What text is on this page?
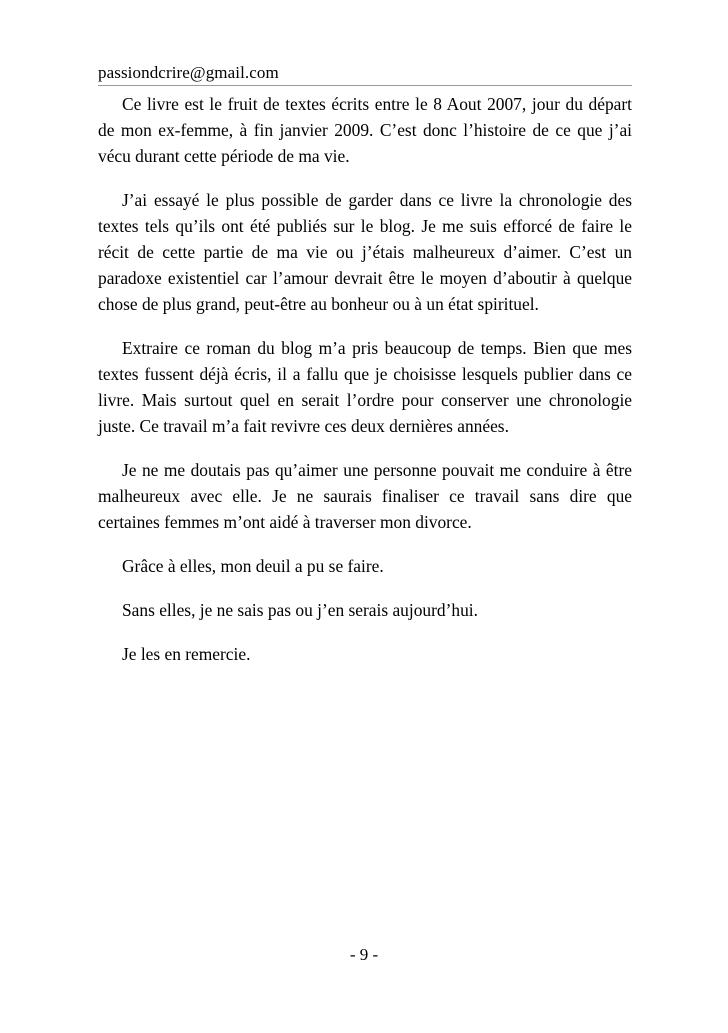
passiondcrire@gmail.com

Ce livre est le fruit de textes écrits entre le 8 Aout 2007, jour du départ de mon ex-femme, à fin janvier 2009. C’est donc l’histoire de ce que j’ai vécu durant cette période de ma vie.

J’ai essayé le plus possible de garder dans ce livre la chronologie des textes tels qu’ils ont été publiés sur le blog. Je me suis efforcé de faire le récit de cette partie de ma vie ou j’étais malheureux d’aimer. C’est un paradoxe existentiel car l’amour devrait être le moyen d’aboutir à quelque chose de plus grand, peut-être au bonheur ou à un état spirituel.

Extraire ce roman du blog m’a pris beaucoup de temps. Bien que mes textes fussent déjà écris, il a fallu que je choisisse lesquels publier dans ce livre. Mais surtout quel en serait l’ordre pour conserver une chronologie juste. Ce travail m’a fait revivre ces deux dernières années.

Je ne me doutais pas qu’aimer une personne pouvait me conduire à être malheureux avec elle. Je ne saurais finaliser ce travail sans dire que certaines femmes m’ont aidé à traverser mon divorce.

Grâce à elles, mon deuil a pu se faire.

Sans elles, je ne sais pas ou j’en serais aujourd’hui.

Je les en remercie.

- 9 -
